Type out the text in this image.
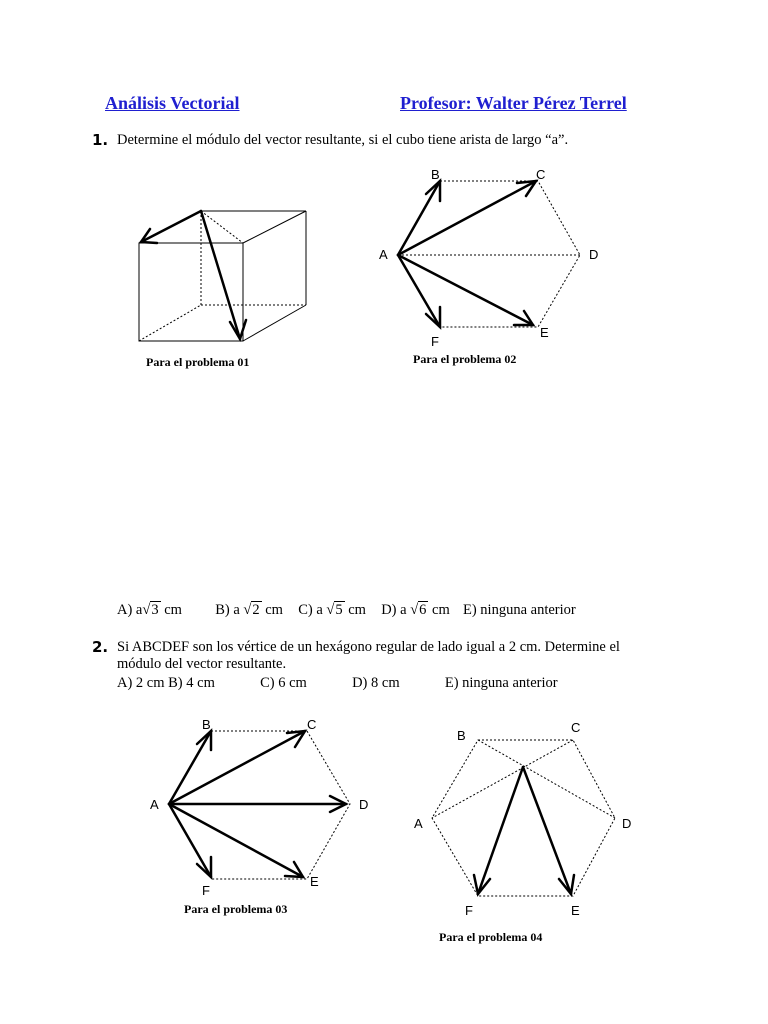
Análisis Vectorial	Profesor: Walter Pérez Terrel
1. Determine el módulo del vector resultante, si el cubo tiene arista de largo “a”.
Para el problema 01
B	C
A	D
E
F
Para el problema 02
A) a√3 cm B) a √2 cm C) a √5 cm D) a √6 cm E) ninguna anterior
2. Si ABCDEF son los vértice de un hexágono regular de lado igual a 2 cm. Determine el
módulo del vector resultante.
A) 2 cm B) 4 cm	C) 6 cm	D) 8 cm	E) ninguna anterior
B	C
A	D
E
F
Para el problema 03
B
C
A	D
E
F
Para el problema 04
